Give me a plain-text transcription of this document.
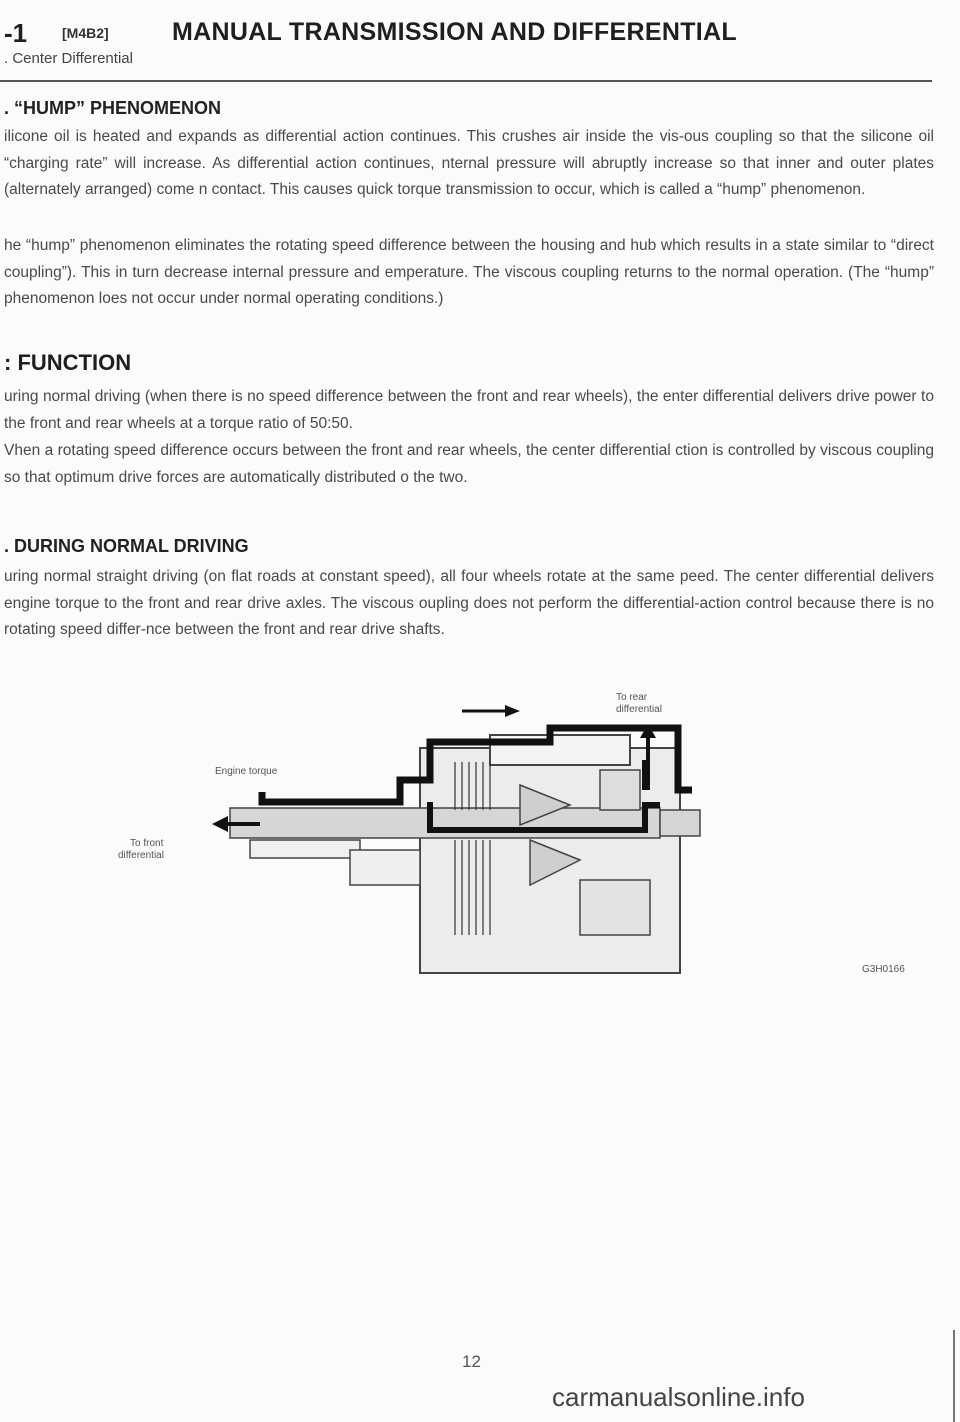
-1 [M4B2]	MANUAL TRANSMISSION AND DIFFERENTIAL
. Center Differential
. “HUMP” PHENOMENON

ilicone oil is heated and expands as differential action continues. This crushes air inside the vis-ous coupling so that the silicone oil “charging rate” will increase. As differential action continues, nternal pressure will abruptly increase so that inner and outer plates (alternately arranged) come n contact. This causes quick torque transmission to occur, which is called a “hump” phenomenon.

he “hump” phenomenon eliminates the rotating speed difference between the housing and hub which results in a state similar to “direct coupling”). This in turn decrease internal pressure and emperature. The viscous coupling returns to the normal operation. (The “hump” phenomenon loes not occur under normal operating conditions.)

: FUNCTION

uring normal driving (when there is no speed difference between the front and rear wheels), the enter differential delivers drive power to the front and rear wheels at a torque ratio of 50:50.

Vhen a rotating speed difference occurs between the front and rear wheels, the center differential ction is controlled by viscous coupling so that optimum drive forces are automatically distributed o the two.

. DURING NORMAL DRIVING

uring normal straight driving (on flat roads at constant speed), all four wheels rotate at the same peed. The center differential delivers engine torque to the front and rear drive axles. The viscous oupling does not perform the differential-action control because there is no rotating speed differ-nce between the front and rear drive shafts.

To rear
differential
Engine torque
To front
differential
G3H0166
12
carmanualsonline.info
